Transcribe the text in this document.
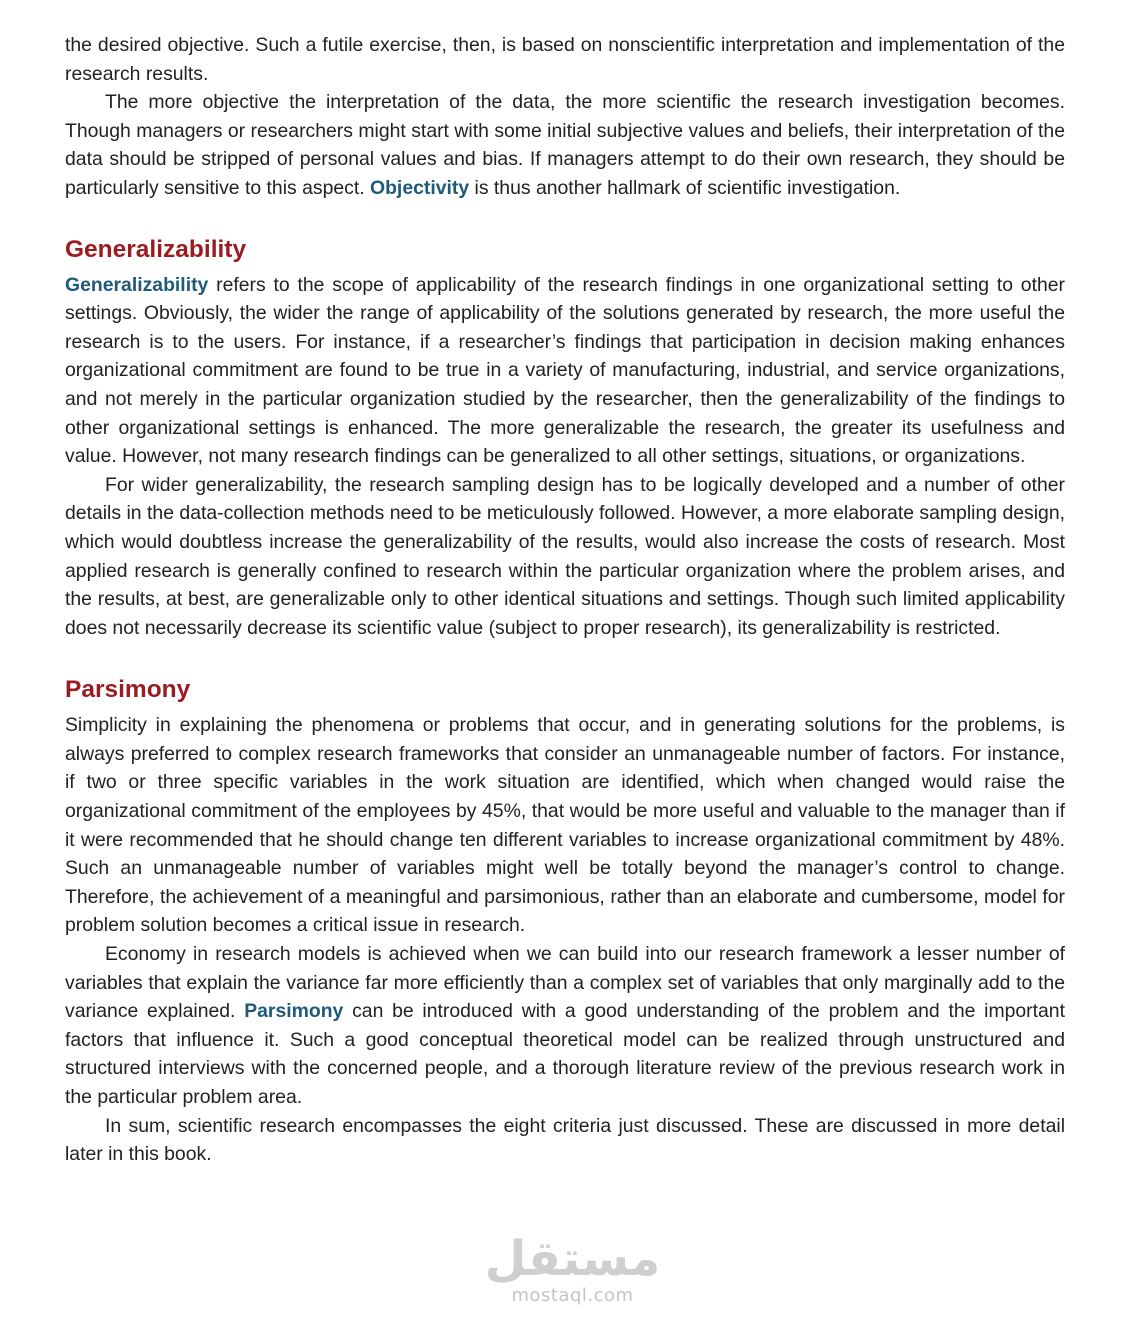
the desired objective. Such a futile exercise, then, is based on nonscientific interpretation and implementation of the research results.

The more objective the interpretation of the data, the more scientific the research investigation becomes. Though managers or researchers might start with some initial subjective values and beliefs, their interpretation of the data should be stripped of personal values and bias. If managers attempt to do their own research, they should be particularly sensitive to this aspect. Objectivity is thus another hallmark of scientific investigation.

Generalizability

Generalizability refers to the scope of applicability of the research findings in one organizational setting to other settings. Obviously, the wider the range of applicability of the solutions generated by research, the more useful the research is to the users. For instance, if a researcher’s findings that participation in decision making enhances organizational commitment are found to be true in a variety of manufacturing, industrial, and service organizations, and not merely in the particular organization studied by the researcher, then the generalizability of the findings to other organizational settings is enhanced. The more generalizable the research, the greater its usefulness and value. However, not many research findings can be generalized to all other settings, situations, or organizations.

For wider generalizability, the research sampling design has to be logically developed and a number of other details in the data-collection methods need to be meticulously followed. However, a more elaborate sampling design, which would doubtless increase the generalizability of the results, would also increase the costs of research. Most applied research is generally confined to research within the particular organization where the problem arises, and the results, at best, are generalizable only to other identical situations and settings. Though such limited applicability does not necessarily decrease its scientific value (subject to proper research), its generalizability is restricted.

Parsimony

Simplicity in explaining the phenomena or problems that occur, and in generating solutions for the problems, is always preferred to complex research frameworks that consider an unmanageable number of factors. For instance, if two or three specific variables in the work situation are identified, which when changed would raise the organizational commitment of the employees by 45%, that would be more useful and valuable to the manager than if it were recommended that he should change ten different variables to increase organizational commitment by 48%. Such an unmanageable number of variables might well be totally beyond the manager’s control to change. Therefore, the achievement of a meaningful and parsimonious, rather than an elaborate and cumbersome, model for problem solution becomes a critical issue in research.

Economy in research models is achieved when we can build into our research framework a lesser number of variables that explain the variance far more efficiently than a complex set of variables that only marginally add to the variance explained. Parsimony can be introduced with a good understanding of the problem and the important factors that influence it. Such a good conceptual theoretical model can be realized through unstructured and structured interviews with the concerned people, and a thorough literature review of the previous research work in the particular problem area.

In sum, scientific research encompasses the eight criteria just discussed. These are discussed in more detail later in this book.

مستقل
mostaql.com
